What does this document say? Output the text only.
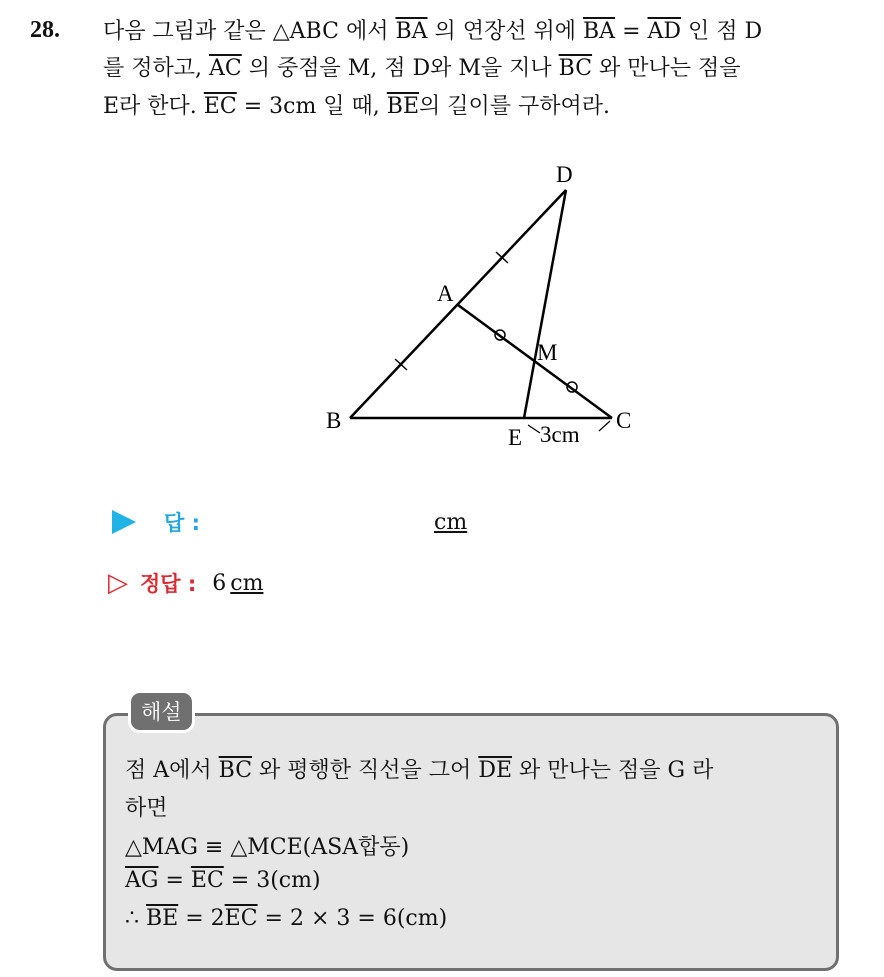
28. 다음 그림과 같은 △ABC 에서 $\overline{BA}$ 의 연장선 위에 $\overline{BA} = \overline{AD}$ 인 점 D
를 정하고, $\overline{AC}$ 의 중점을 M, 점 D와 M을 지나 $\overline{BC}$ 와 만나는 점을
E라 한다. $\overline{EC} = 3cm$ 일 때, $\overline{BE}$의 길이를 구하여라.
D
A
M
B	C
E 3cm
답 :	cm
▷ 정답 : 6 cm
해설
점 A에서 $\overline{BC}$ 와 평행한 직선을 그어 $\overline{DE}$ 와 만나는 점을 G 라
하면
△MAG ≡ △MCE(ASA합동)
$\overline{AG} = \overline{EC} = 3(cm)$
∴ $\overline{BE} = 2\overline{EC} = 2 \times 3 = 6(cm)$
